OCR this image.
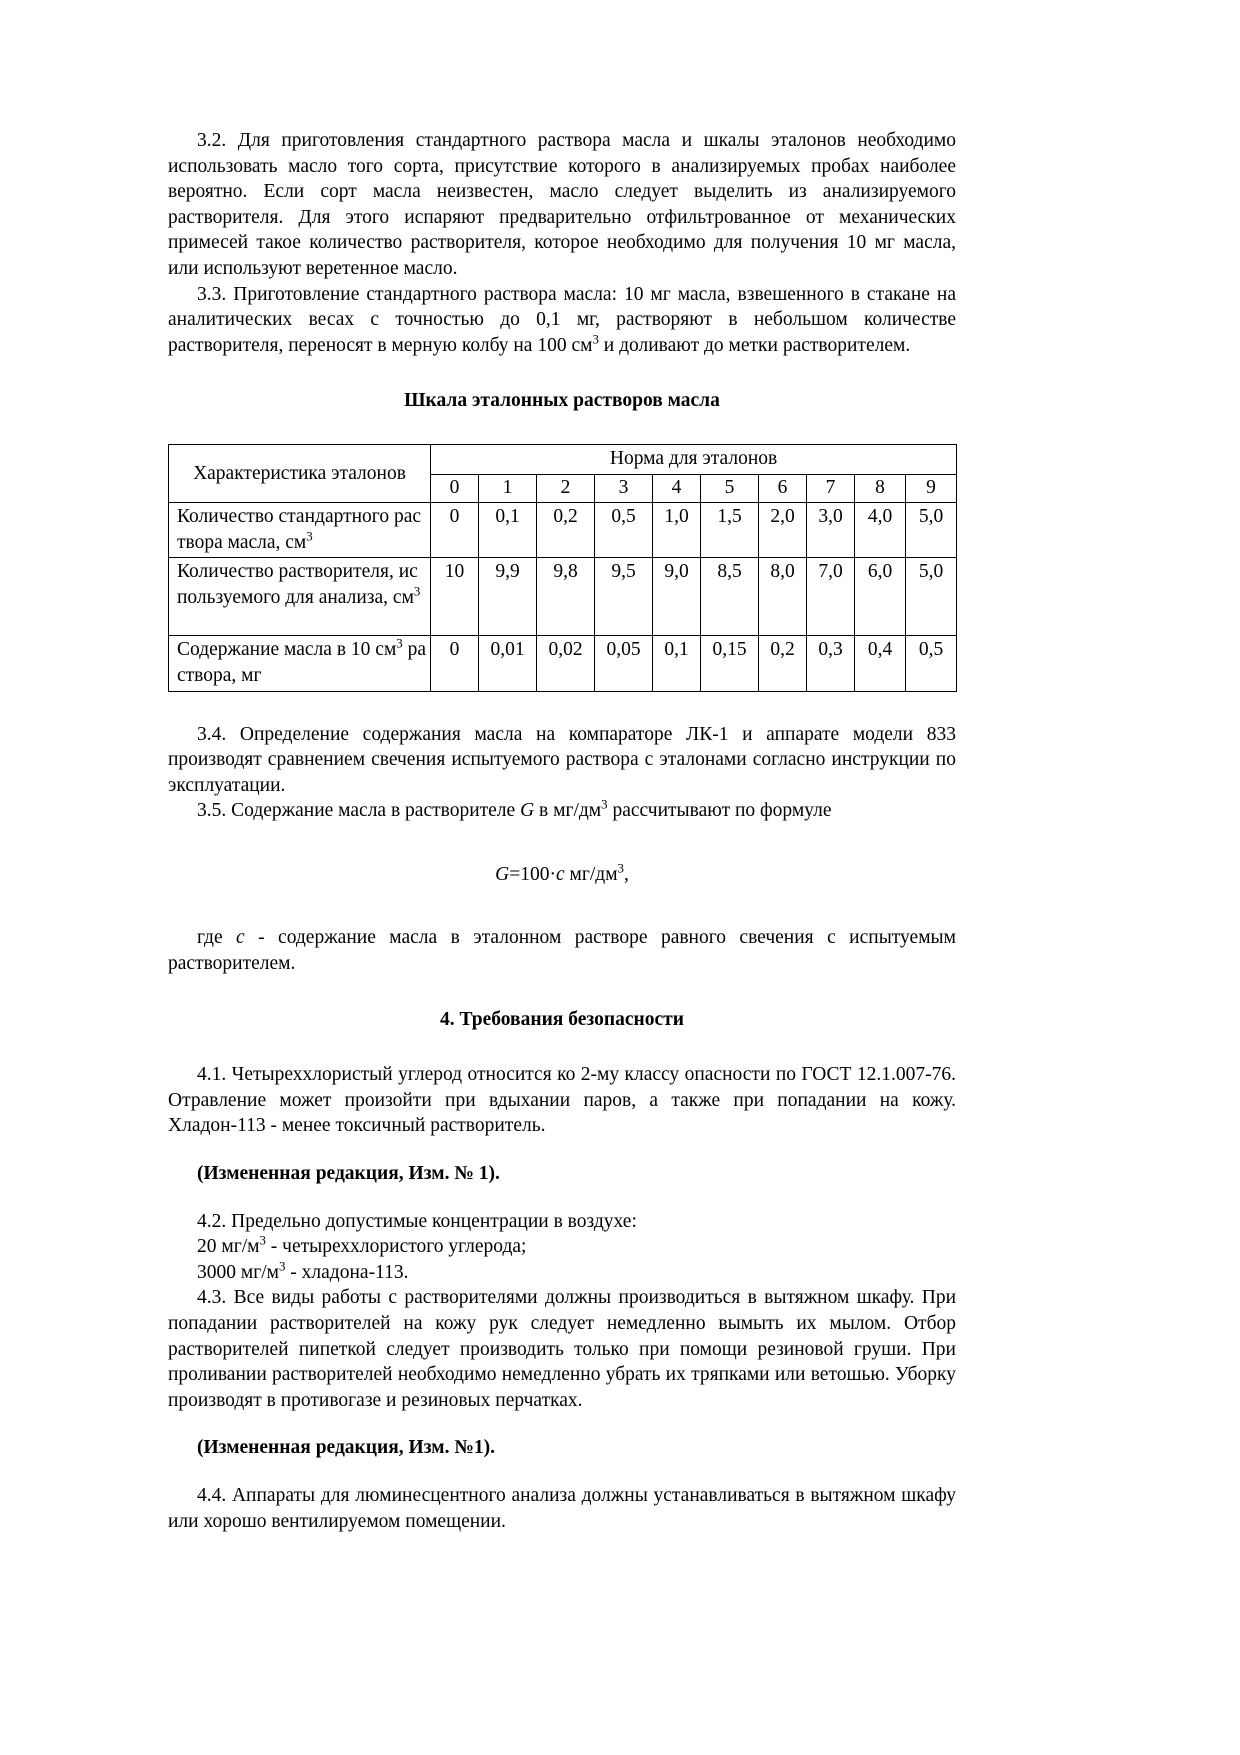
3.2. Для приготовления стандартного раствора масла и шкалы эталонов необходимо использовать масло того сорта, присутствие которого в анализируемых пробах наиболее вероятно. Если сорт масла неизвестен, масло следует выделить из анализируемого растворителя. Для этого испаряют предварительно отфильтрованное от механических примесей такое количество растворителя, которое необходимо для получения 10 мг масла, или используют веретенное масло.

3.3. Приготовление стандартного раствора масла: 10 мг масла, взвешенного в стакане на аналитических весах с точностью до 0,1 мг, растворяют в небольшом количестве растворителя, переносят в мерную колбу на 100 $см^3$ и доливают до метки растворителем.

Шкала эталонных растворов масла

Характеристика эталонов	Норма для эталонов									
	0	1	2	3	4	5	6	7	8	9
Количество стандартного раствора масла, $см^3$	0	0,1	0,2	0,5	1,0	1,5	2,0	3,0	4,0	5,0
Количество растворителя, используемого для анализа, $см^3$	10	9,9	9,8	9,5	9,0	8,5	8,0	7,0	6,0	5,0
Содержание масла в 10 $см^3$ раствора, мг	0	0,01	0,02	0,05	0,1	0,15	0,2	0,3	0,4	0,5

3.4. Определение содержания масла на компараторе ЛК-1 и аппарате модели 833 производят сравнением свечения испытуемого раствора с эталонами согласно инструкции по эксплуатации.

3.5. Содержание масла в растворителе G в $мг/дм^3$ рассчитывают по формуле

G=100·c $мг/дм^3$,

где c - содержание масла в эталонном растворе равного свечения с испытуемым растворителем.

4. Требования безопасности

4.1. Четыреххлористый углерод относится ко 2-му классу опасности по ГОСТ 12.1.007-76. Отравление может произойти при вдыхании паров, а также при попадании на кожу. Хладон-113 - менее токсичный растворитель.

(Измененная редакция, Изм. № 1).

4.2. Предельно допустимые концентрации в воздухе:

20 $мг/м^3$ - четыреххлористого углерода;

3000 $мг/м^3$ - хладона-113.

4.3. Все виды работы с растворителями должны производиться в вытяжном шкафу. При попадании растворителей на кожу рук следует немедленно вымыть их мылом. Отбор растворителей пипеткой следует производить только при помощи резиновой груши. При проливании растворителей необходимо немедленно убрать их тряпками или ветошью. Уборку производят в противогазе и резиновых перчатках.

(Измененная редакция, Изм. №1).

4.4. Аппараты для люминесцентного анализа должны устанавливаться в вытяжном шкафу или хорошо вентилируемом помещении.
